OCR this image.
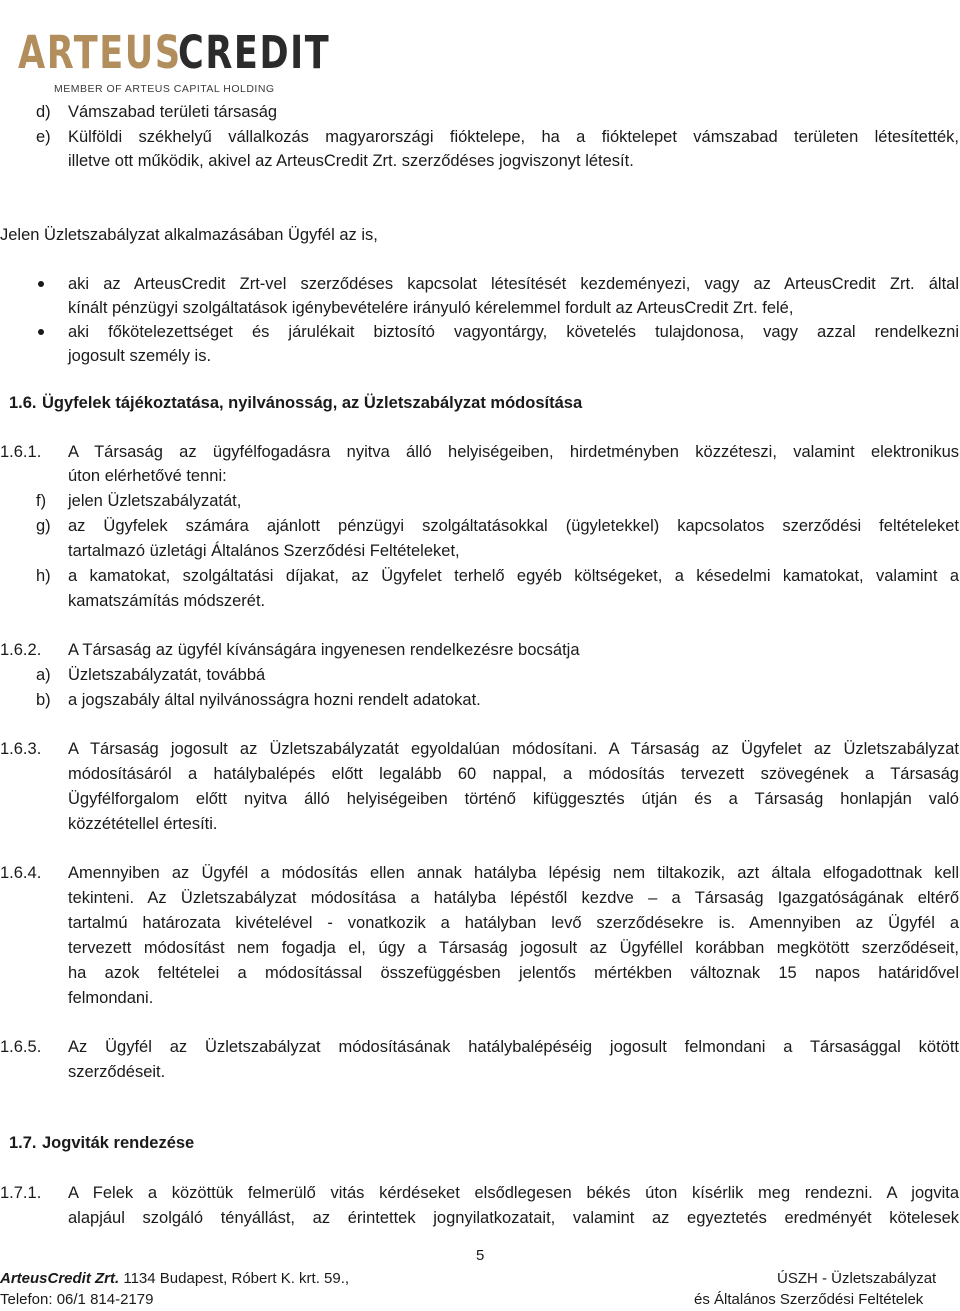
ARTEUS
CREDIT
MEMBER OF ARTEUS CAPITAL HOLDING
d) Vámszabad területi társaság
e) Külföldi székhelyű vállalkozás magyarországi fióktelepe, ha a fióktelepet vámszabad területen létesítették,
illetve ott működik, akivel az ArteusCredit Zrt. szerződéses jogviszonyt létesít.
Jelen Üzletszabályzat alkalmazásában Ügyfél az is,
aki az ArteusCredit Zrt-vel szerződéses kapcsolat létesítését kezdeményezi, vagy az ArteusCredit Zrt. által
kínált pénzügyi szolgáltatások igénybevételére irányuló kérelemmel fordult az ArteusCredit Zrt. felé,
aki főkötelezettséget és járulékait biztosító vagyontárgy, követelés tulajdonosa, vagy azzal rendelkezni
jogosult személy is.
1.6. Ügyfelek tájékoztatása, nyilvánosság, az Üzletszabályzat módosítása
1.6.1. A Társaság az ügyfélfogadásra nyitva álló helyiségeiben, hirdetményben közzéteszi, valamint elektronikus
úton elérhetővé tenni:
f) jelen Üzletszabályzatát,
g) az Ügyfelek számára ajánlott pénzügyi szolgáltatásokkal (ügyletekkel) kapcsolatos szerződési feltételeket
tartalmazó üzletági Általános Szerződési Feltételeket,
h) a kamatokat, szolgáltatási díjakat, az Ügyfelet terhelő egyéb költségeket, a késedelmi kamatokat, valamint a
kamatszámítás módszerét.
1.6.2. A Társaság az ügyfél kívánságára ingyenesen rendelkezésre bocsátja
a) Üzletszabályzatát, továbbá
b) a jogszabály által nyilvánosságra hozni rendelt adatokat.
1.6.3. A Társaság jogosult az Üzletszabályzatát egyoldalúan módosítani. A Társaság az Ügyfelet az Üzletszabályzat
módosításáról a hatálybalépés előtt legalább 60 nappal, a módosítás tervezett szövegének a Társaság
Ügyfélforgalom előtt nyitva álló helyiségeiben történő kifüggesztés útján és a Társaság honlapján való
közzététellel értesíti.
1.6.4. Amennyiben az Ügyfél a módosítás ellen annak hatályba lépésig nem tiltakozik, azt általa elfogadottnak kell
tekinteni. Az Üzletszabályzat módosítása a hatályba lépéstől kezdve – a Társaság Igazgatóságának eltérő
tartalmú határozata kivételével - vonatkozik a hatályban levő szerződésekre is. Amennyiben az Ügyfél a
tervezett módosítást nem fogadja el, úgy a Társaság jogosult az Ügyféllel korábban megkötött szerződéseit,
ha azok feltételei a módosítással összefüggésben jelentős mértékben változnak 15 napos határidővel
felmondani.
1.6.5. Az Ügyfél az Üzletszabályzat módosításának hatálybalépéséig jogosult felmondani a Társasággal kötött
szerződéseit.
1.7. Jogviták rendezése
1.7.1. A Felek a közöttük felmerülő vitás kérdéseket elsődlegesen békés úton kísérlik meg rendezni. A jogvita
alapjául szolgáló tényállást, az érintettek jognyilatkozatait, valamint az egyeztetés eredményét kötelesek
5
ArteusCredit Zrt. 1134 Budapest, Róbert K. krt. 59.,
Telefon: 06/1 814-2179
ÚSZH - Üzletszabályzat
és Általános Szerződési Feltételek
